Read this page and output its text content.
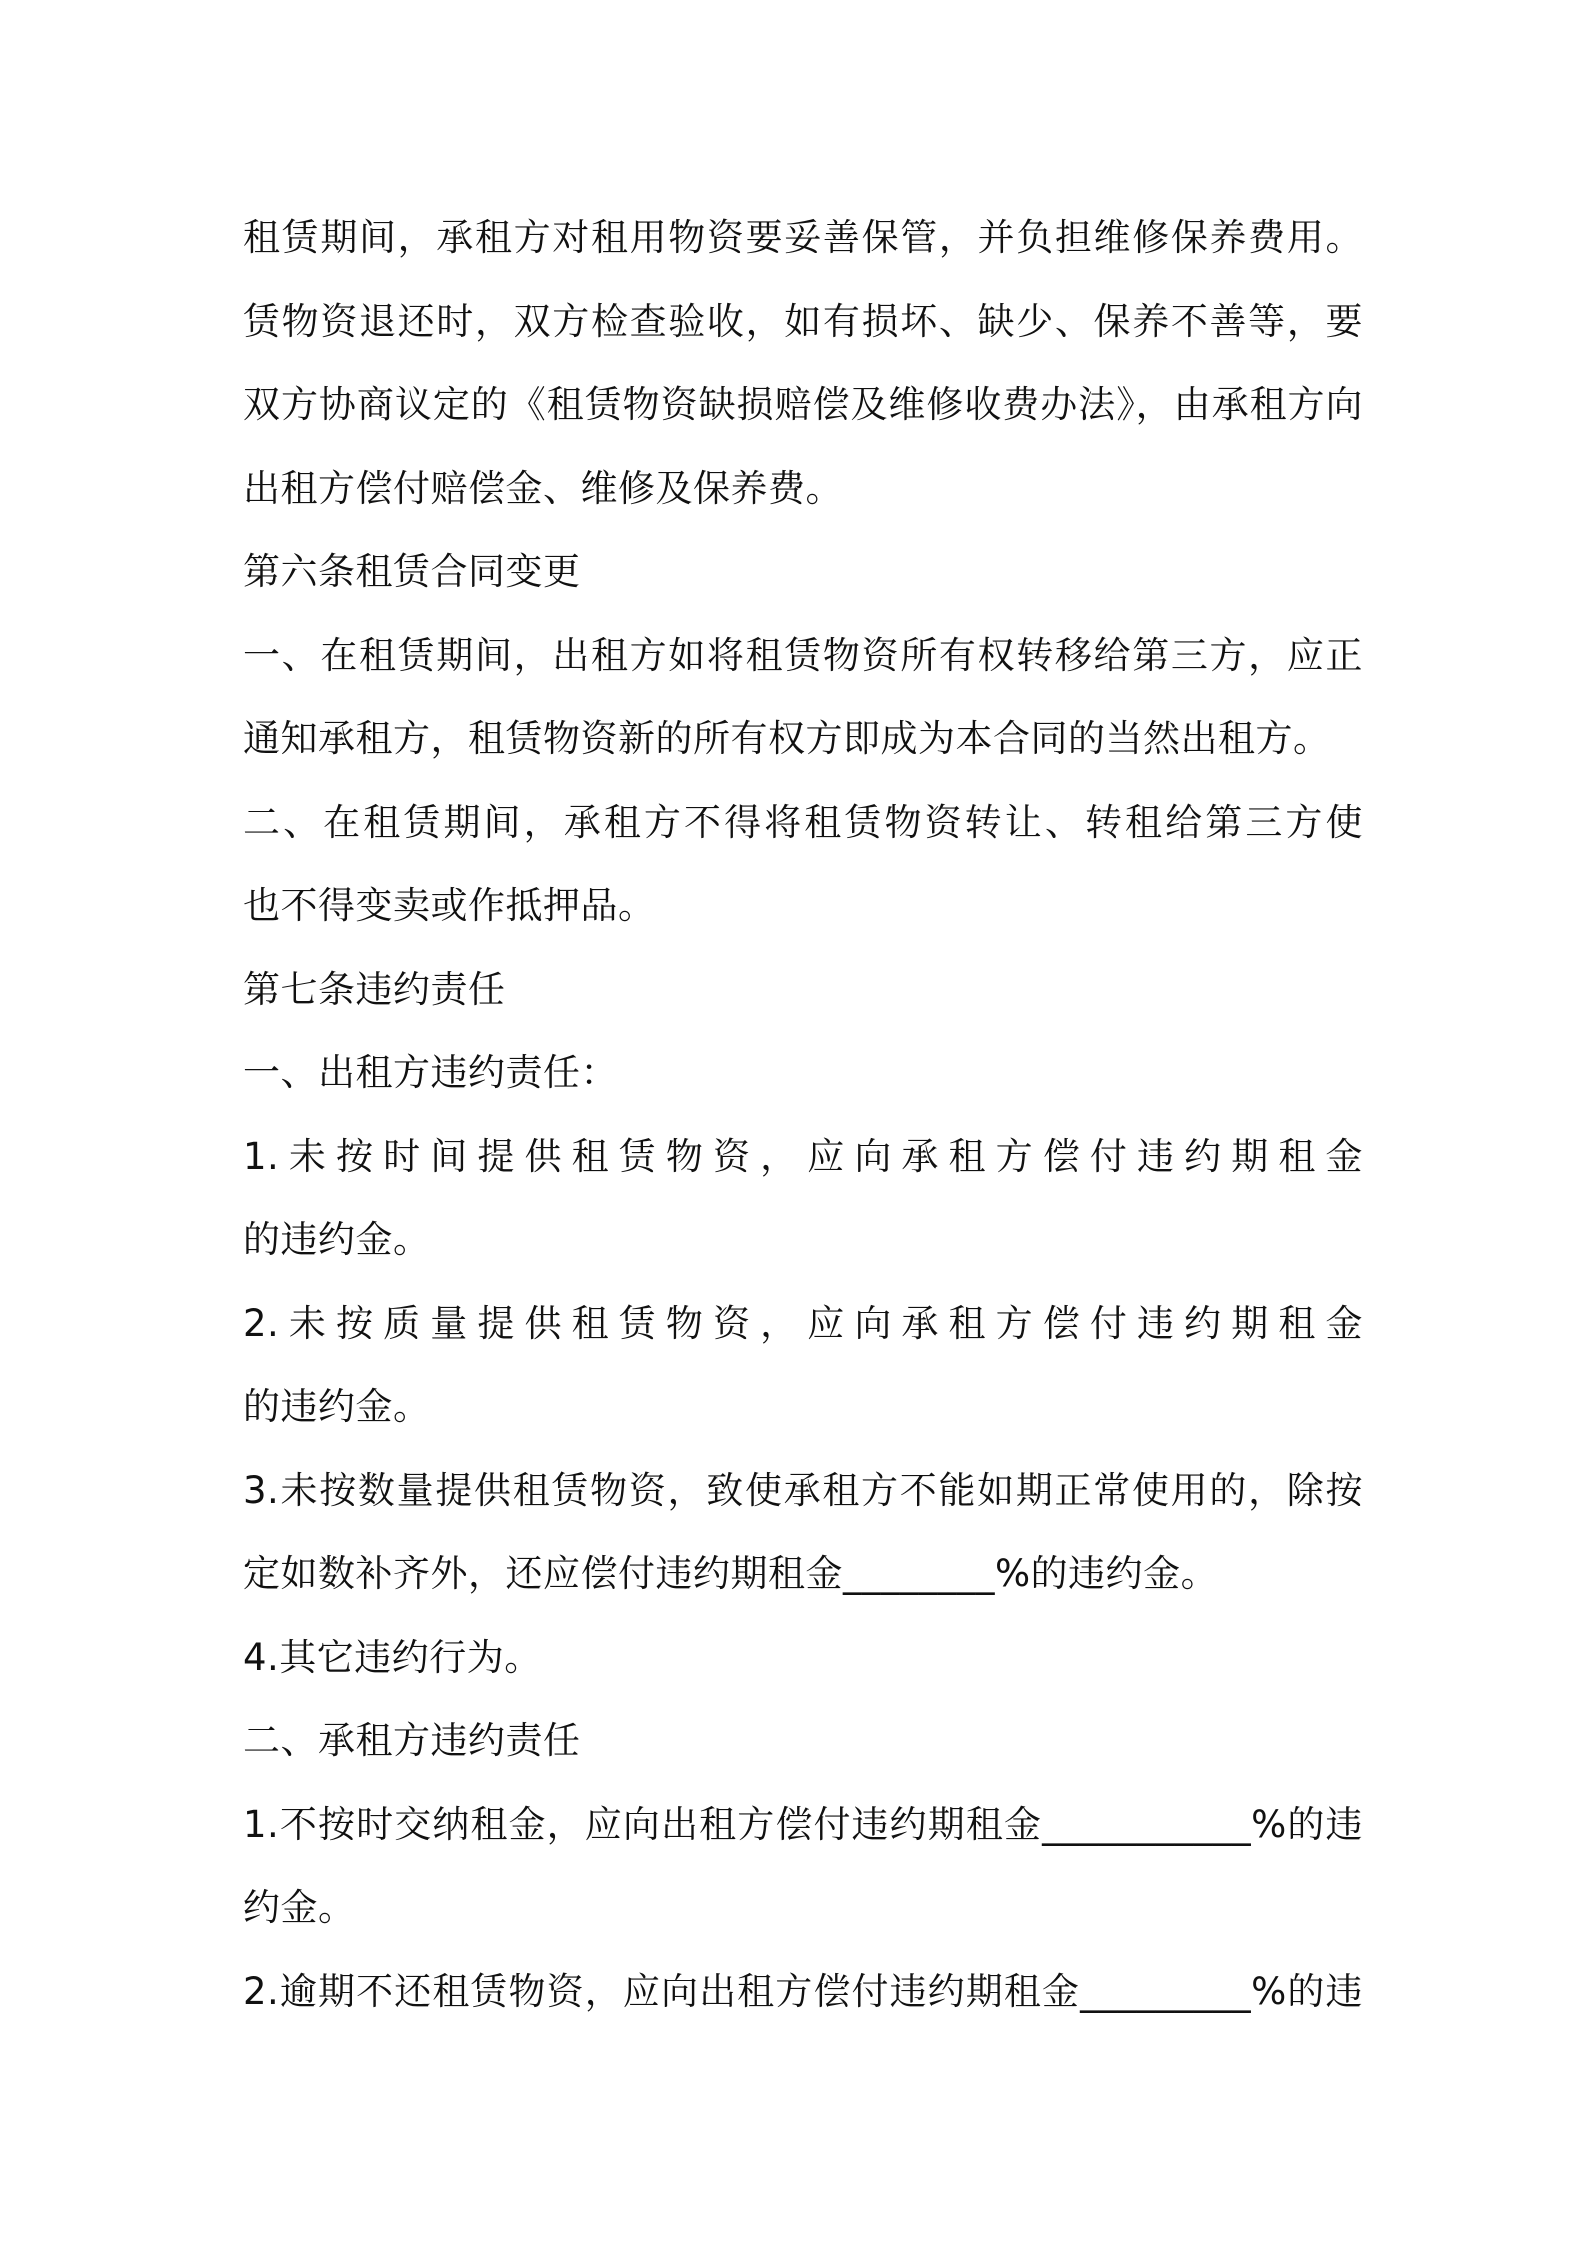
租赁期间，承租方对租用物资要妥善保管，并负担维修保养费用。
赁物资退还时，双方检查验收，如有损坏、缺少、保养不善等，要
双方协商议定的《租赁物资缺损赔偿及维修收费办法》，由承租方向
出租方偿付赔偿金、维修及保养费。
第六条租赁合同变更
一、在租赁期间，出租方如将租赁物资所有权转移给第三方，应正
通知承租方，租赁物资新的所有权方即成为本合同的当然出租方。
二、在租赁期间，承租方不得将租赁物资转让、转租给第三方使
也不得变卖或作抵押品。
第七条违约责任
一、出租方违约责任：
1.未按时间提供租赁物资，应向承租方偿付违约期租金
的违约金。
2.未按质量提供租赁物资，应向承租方偿付违约期租金
的违约金。
3.未按数量提供租赁物资，致使承租方不能如期正常使用的，除按
定如数补齐外，还应偿付违约期租金________%的违约金。
4.其它违约行为。
二、承租方违约责任
1.不按时交纳租金，应向出租方偿付违约期租金___________%的违
约金。
2.逾期不还租赁物资，应向出租方偿付违约期租金_________%的违
